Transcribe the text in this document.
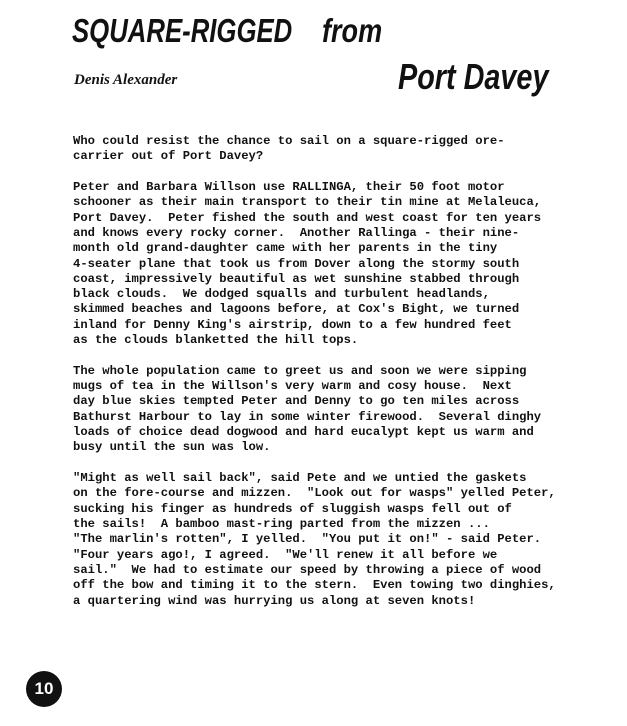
SQUARE-RIGGED from
Denis Alexander	Port Davey

Who could resist the chance to sail on a square-rigged ore-
carrier out of Port Davey?

Peter and Barbara Willson use RALLINGA, their 50 foot motor
schooner as their main transport to their tin mine at Melaleuca,
Port Davey.  Peter fished the south and west coast for ten years
and knows every rocky corner.  Another Rallinga - their nine-
month old grand-daughter came with her parents in the tiny
4-seater plane that took us from Dover along the stormy south
coast, impressively beautiful as wet sunshine stabbed through
black clouds.  We dodged squalls and turbulent headlands,
skimmed beaches and lagoons before, at Cox's Bight, we turned
inland for Denny King's airstrip, down to a few hundred feet
as the clouds blanketted the hill tops.

The whole population came to greet us and soon we were sipping
mugs of tea in the Willson's very warm and cosy house.  Next
day blue skies tempted Peter and Denny to go ten miles across
Bathurst Harbour to lay in some winter firewood.  Several dinghy
loads of choice dead dogwood and hard eucalypt kept us warm and
busy until the sun was low.

"Might as well sail back", said Pete and we untied the gaskets
on the fore-course and mizzen.  "Look out for wasps" yelled Peter,
sucking his finger as hundreds of sluggish wasps fell out of
the sails!  A bamboo mast-ring parted from the mizzen ...
"The marlin's rotten", I yelled.  "You put it on!" - said Peter.
"Four years ago!, I agreed.  "We'll renew it all before we
sail."  We had to estimate our speed by throwing a piece of wood
off the bow and timing it to the stern.  Even towing two dinghies,
a quartering wind was hurrying us along at seven knots!

10
